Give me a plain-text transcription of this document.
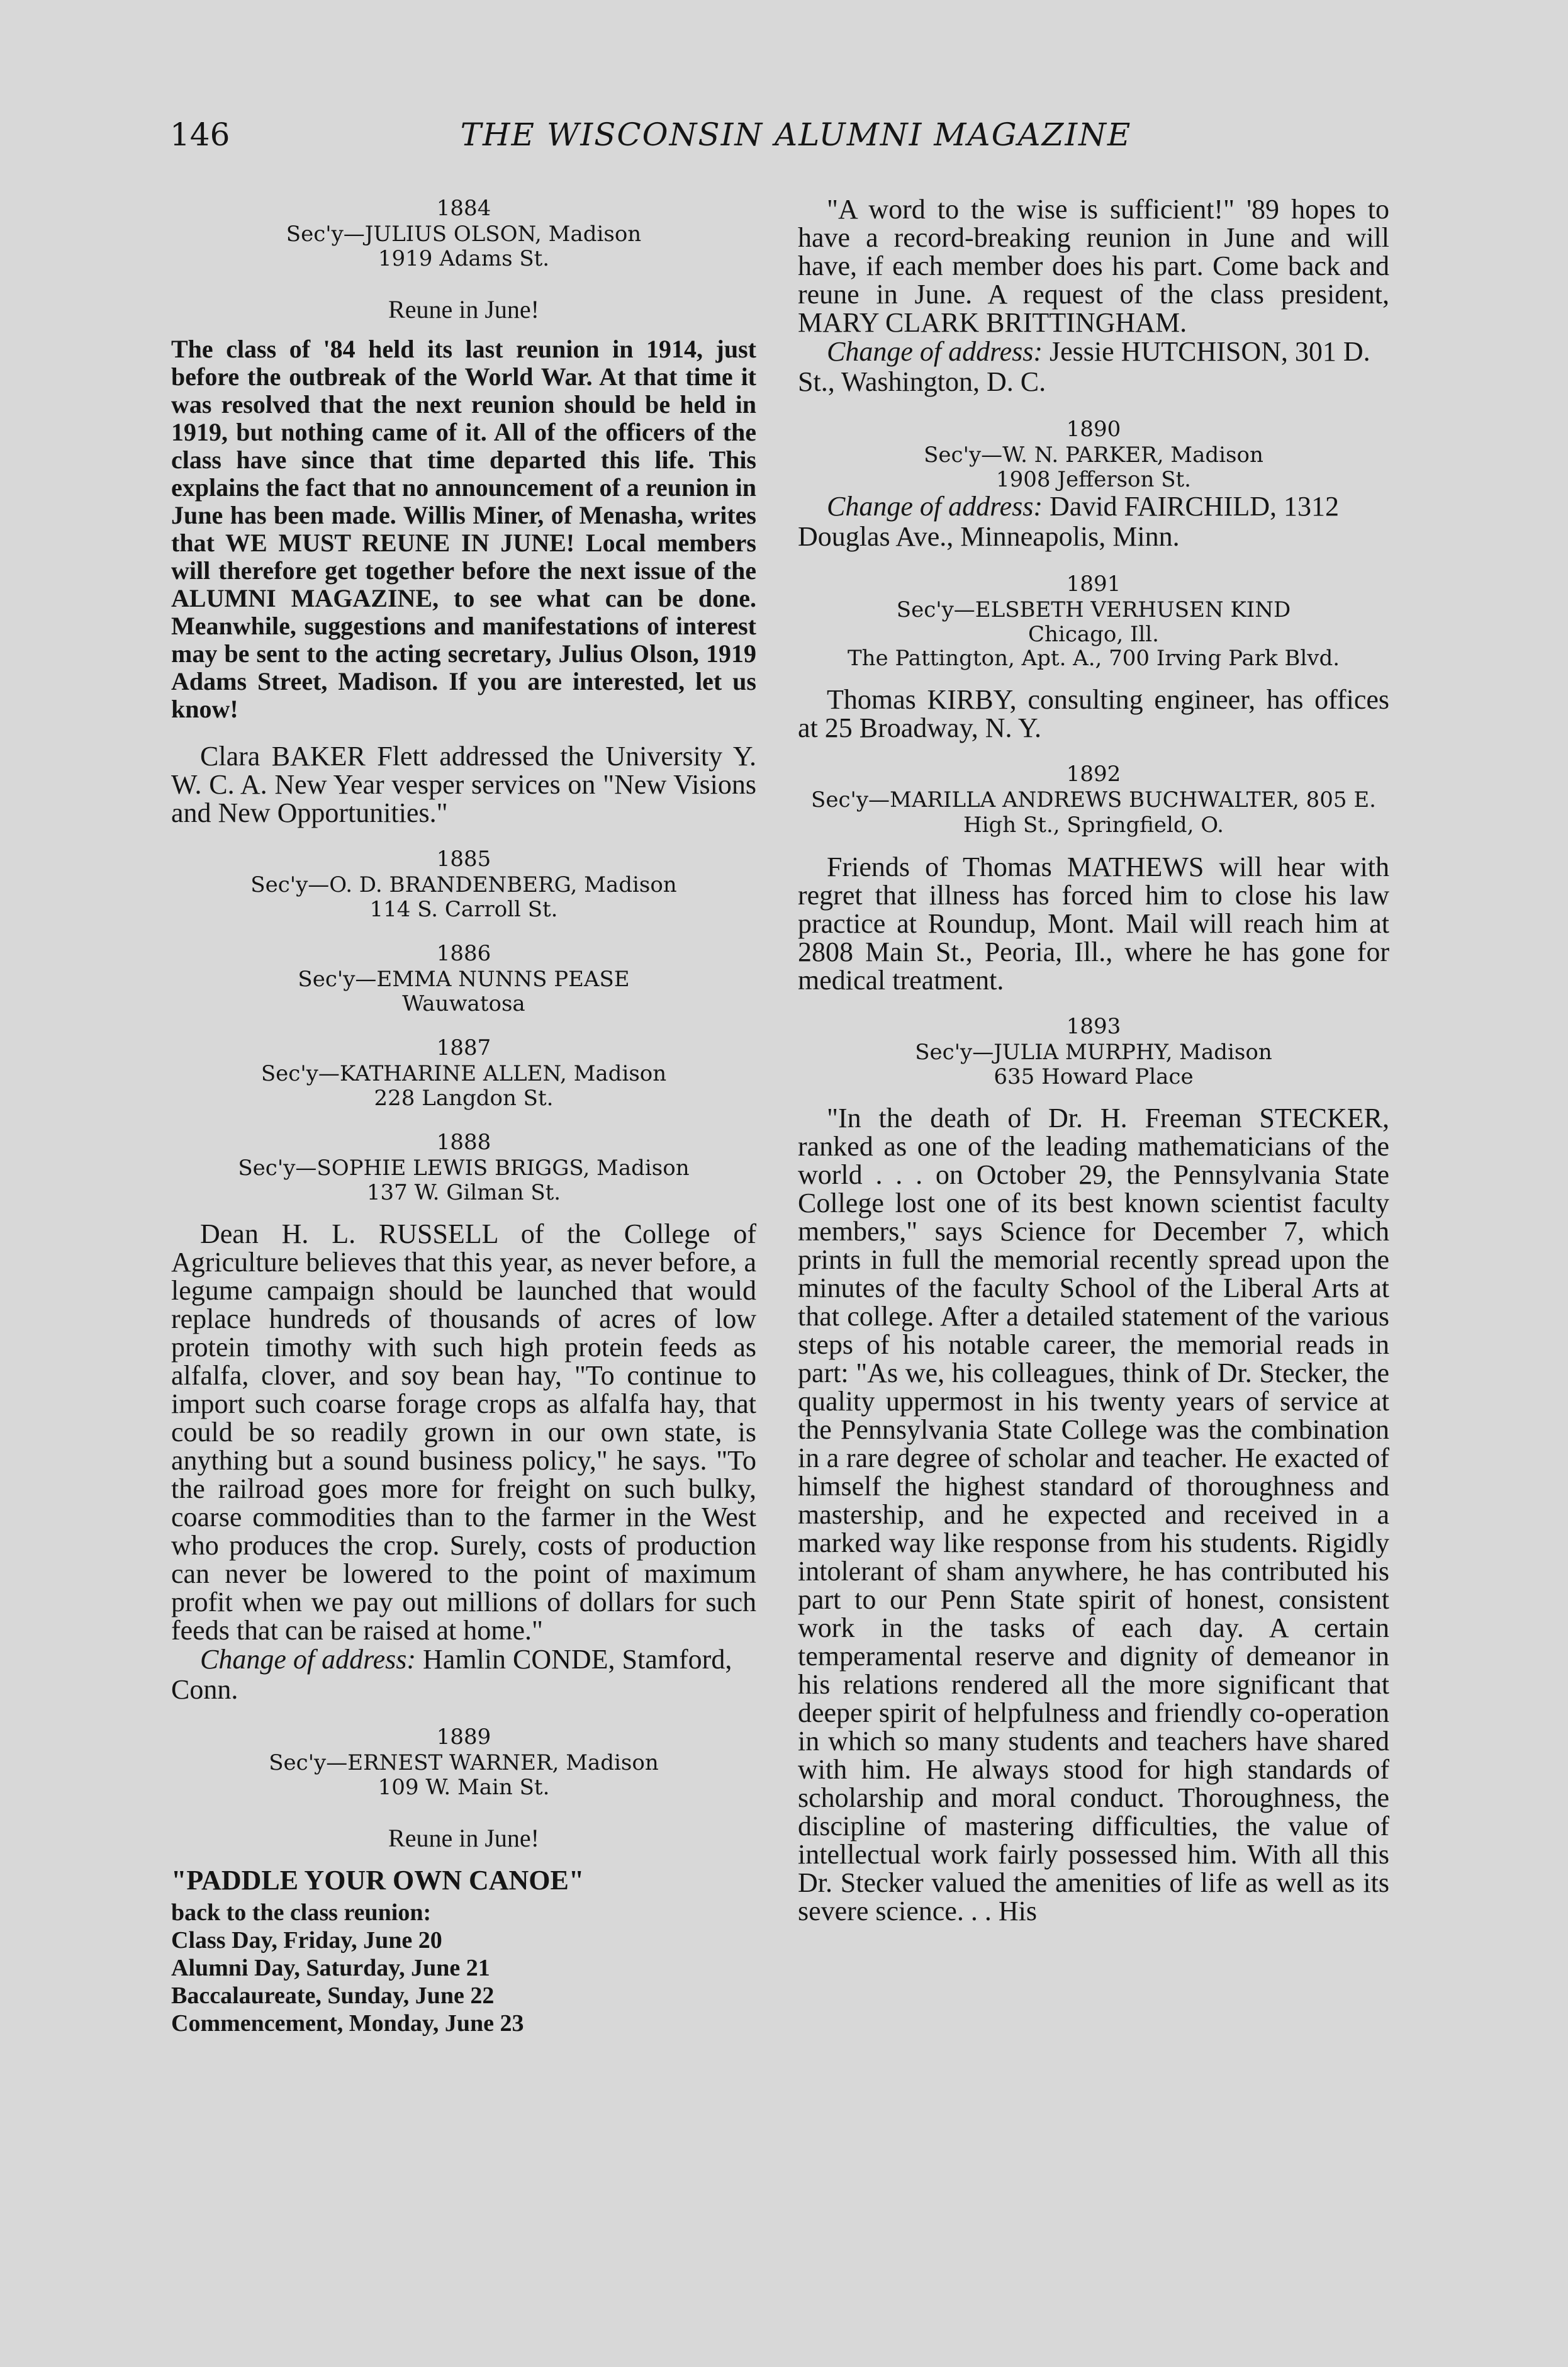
146	THE WISCONSIN ALUMNI MAGAZINE

1884

Sec'y—JULIUS OLSON, Madison

1919 Adams St.

Reune in June!

The class of '84 held its last reunion in 1914, just before the outbreak of the World War. At that time it was resolved that the next reunion should be held in 1919, but nothing came of it. All of the officers of the class have since that time departed this life. This explains the fact that no announcement of a reunion in June has been made. Willis Miner, of Menasha, writes that WE MUST REUNE IN JUNE! Local members will therefore get together before the next issue of the ALUMNI MAGAZINE, to see what can be done. Meanwhile, suggestions and manifestations of interest may be sent to the acting secretary, Julius Olson, 1919 Adams Street, Madison. If you are interested, let us know!

Clara BAKER Flett addressed the University Y. W. C. A. New Year vesper services on "New Visions and New Opportunities."

1885

Sec'y—O. D. BRANDENBERG, Madison

114 S. Carroll St.

1886

Sec'y—EMMA NUNNS PEASE

Wauwatosa

1887

Sec'y—KATHARINE ALLEN, Madison

228 Langdon St.

1888

Sec'y—SOPHIE LEWIS BRIGGS, Madison

137 W. Gilman St.

Dean H. L. RUSSELL of the College of Agriculture believes that this year, as never before, a legume campaign should be launched that would replace hundreds of thousands of acres of low protein timothy with such high protein feeds as alfalfa, clover, and soy bean hay, "To continue to import such coarse forage crops as alfalfa hay, that could be so readily grown in our own state, is anything but a sound business policy," he says. "To the railroad goes more for freight on such bulky, coarse commodities than to the farmer in the West who produces the crop. Surely, costs of production can never be lowered to the point of maximum profit when we pay out millions of dollars for such feeds that can be raised at home."

Change of address: Hamlin CONDE, Stamford, Conn.

1889

Sec'y—ERNEST WARNER, Madison

109 W. Main St.

Reune in June!

"PADDLE YOUR OWN CANOE"

back to the class reunion:

Class Day, Friday, June 20

Alumni Day, Saturday, June 21

Baccalaureate, Sunday, June 22

Commencement, Monday, June 23

"A word to the wise is sufficient!" '89 hopes to have a record-breaking reunion in June and will have, if each member does his part. Come back and reune in June. A request of the class president, MARY CLARK BRITTINGHAM.

Change of address: Jessie HUTCHISON, 301 D. St., Washington, D. C.

1890

Sec'y—W. N. PARKER, Madison

1908 Jefferson St.

Change of address: David FAIRCHILD, 1312 Douglas Ave., Minneapolis, Minn.

1891

Sec'y—ELSBETH VERHUSEN KIND

Chicago, Ill.

The Pattington, Apt. A., 700 Irving Park Blvd.

Thomas KIRBY, consulting engineer, has offices at 25 Broadway, N. Y.

1892

Sec'y—MARILLA ANDREWS BUCHWALTER, 805 E. High St., Springfield, O.

Friends of Thomas MATHEWS will hear with regret that illness has forced him to close his law practice at Roundup, Mont. Mail will reach him at 2808 Main St., Peoria, Ill., where he has gone for medical treatment.

1893

Sec'y—JULIA MURPHY, Madison

635 Howard Place

"In the death of Dr. H. Freeman STECKER, ranked as one of the leading mathematicians of the world . . . on October 29, the Pennsylvania State College lost one of its best known scientist faculty members," says Science for December 7, which prints in full the memorial recently spread upon the minutes of the faculty School of the Liberal Arts at that college. After a detailed statement of the various steps of his notable career, the memorial reads in part: "As we, his colleagues, think of Dr. Stecker, the quality uppermost in his twenty years of service at the Pennsylvania State College was the combination in a rare degree of scholar and teacher. He exacted of himself the highest standard of thoroughness and mastership, and he expected and received in a marked way like response from his students. Rigidly intolerant of sham anywhere, he has contributed his part to our Penn State spirit of honest, consistent work in the tasks of each day. A certain temperamental reserve and dignity of demeanor in his relations rendered all the more significant that deeper spirit of helpfulness and friendly co-operation in which so many students and teachers have shared with him. He always stood for high standards of scholarship and moral conduct. Thoroughness, the discipline of mastering difficulties, the value of intellectual work fairly possessed him. With all this Dr. Stecker valued the amenities of life as well as its severe science. . . His
